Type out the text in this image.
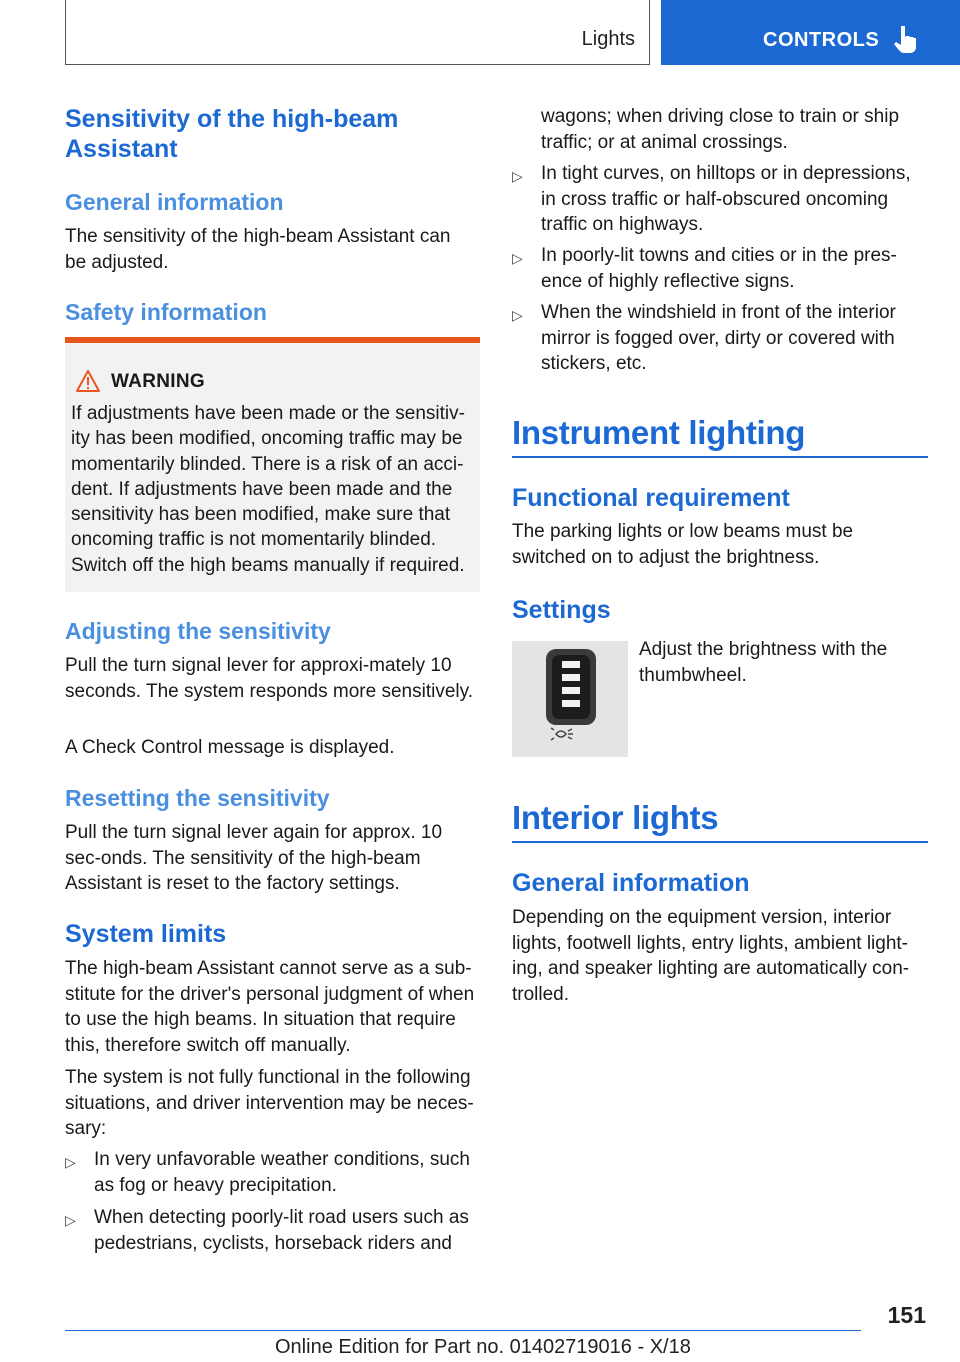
Lights	CONTROLS
Sensitivity of the high-beam Assistant
General information

The sensitivity of the high-beam Assistant can be adjusted.

Safety information
WARNING

If adjustments have been made or the sensitiv-ity has been modified, oncoming traffic may be momentarily blinded. There is a risk of an acci-dent. If adjustments have been made and the sensitivity has been modified, make sure that oncoming traffic is not momentarily blinded. Switch off the high beams manually if required.

Adjusting the sensitivity

Pull the turn signal lever for approxi-mately 10 seconds. The system responds more sensitively.

A Check Control message is displayed.

Resetting the sensitivity

Pull the turn signal lever again for approx. 10 sec-onds. The sensitivity of the high-beam Assistant is reset to the factory settings.

System limits

The high-beam Assistant cannot serve as a sub-stitute for the driver's personal judgment of when to use the high beams. In situation that require this, therefore switch off manually.

The system is not fully functional in the following situations, and driver intervention may be neces-sary:

▷ In very unfavorable weather conditions, such as fog or heavy precipitation.
▷ When detecting poorly-lit road users such as pedestrians, cyclists, horseback riders and

wagons; when driving close to train or ship traffic; or at animal crossings.

▷ In tight curves, on hilltops or in depressions, in cross traffic or half-obscured oncoming traffic on highways.
▷ In poorly-lit towns and cities or in the pres-ence of highly reflective signs.
▷ When the windshield in front of the interior mirror is fogged over, dirty or covered with stickers, etc.
Instrument lighting
Functional requirement

The parking lights or low beams must be switched on to adjust the brightness.

Settings

Adjust the brightness with the thumbwheel.

Interior lights
General information

Depending on the equipment version, interior lights, footwell lights, entry lights, ambient light-ing, and speaker lighting are automatically con-trolled.

151
Online Edition for Part no. 01402719016 - X/18
